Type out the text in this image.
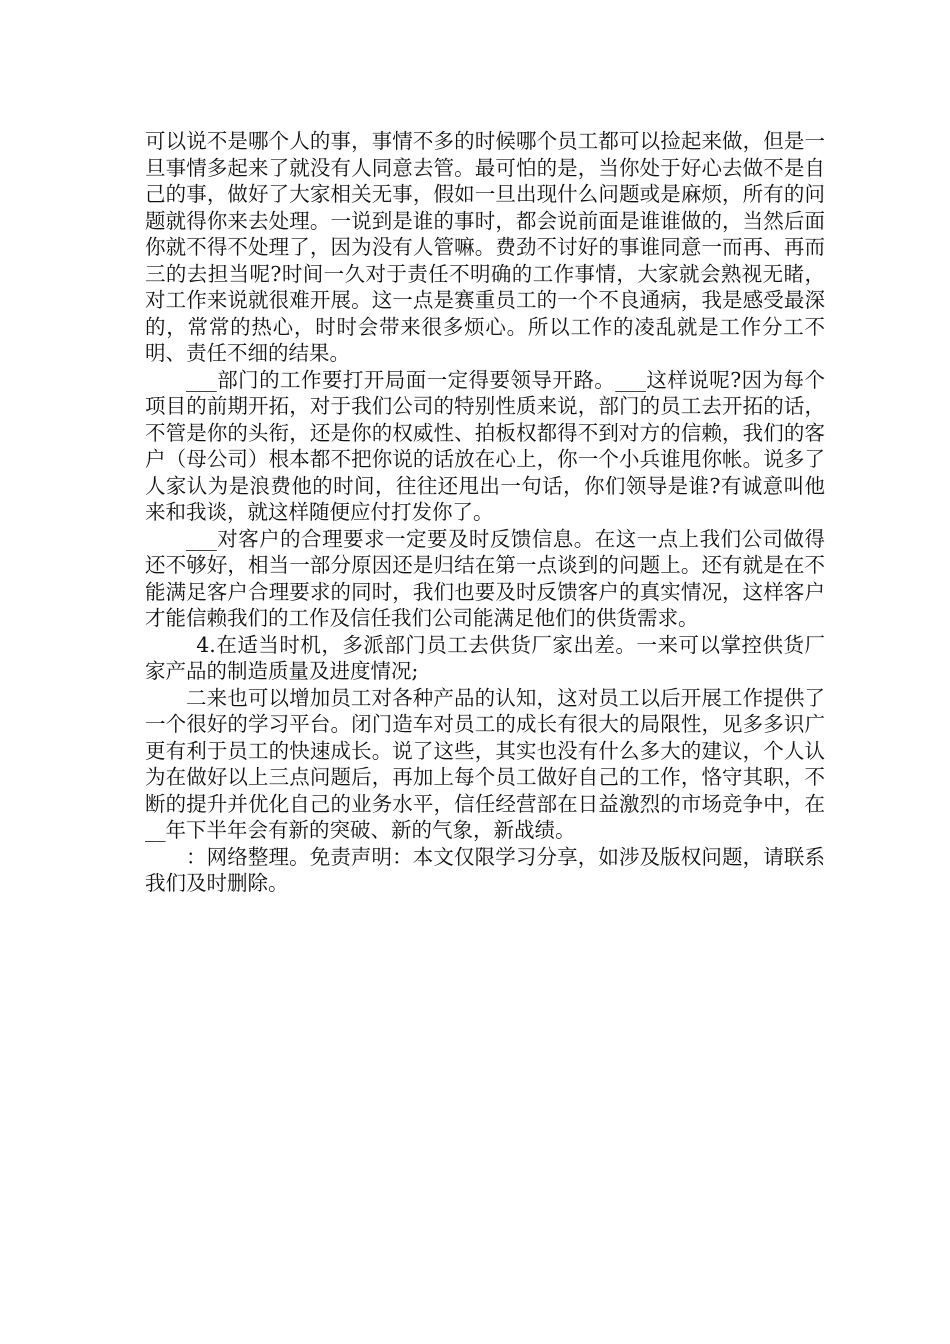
可以说不是哪个人的事，事情不多的时候哪个员工都可以捡起来做，但是一旦事情多起来了就没有人同意去管。最可怕的是，当你处于好心去做不是自己的事，做好了大家相关无事，假如一旦出现什么问题或是麻烦，所有的问题就得你来去处理。一说到是谁的事时，都会说前面是谁谁做的，当然后面你就不得不处理了，因为没有人管嘛。费劲不讨好的事谁同意一而再、再而三的去担当呢?时间一久对于责任不明确的工作事情，大家就会熟视无睹，对工作来说就很难开展。这一点是赛重员工的一个不良通病，我是感受最深的，常常的热心，时时会带来很多烦心。所以工作的凌乱就是工作分工不明、责任不细的结果。

___部门的工作要打开局面一定得要领导开路。___这样说呢?因为每个项目的前期开拓，对于我们公司的特别性质来说，部门的员工去开拓的话，不管是你的头衔，还是你的权威性、拍板权都得不到对方的信赖，我们的客户（母公司）根本都不把你说的话放在心上，你一个小兵谁甩你帐。说多了人家认为是浪费他的时间，往往还甩出一句话，你们领导是谁?有诚意叫他来和我谈，就这样随便应付打发你了。

___对客户的合理要求一定要及时反馈信息。在这一点上我们公司做得还不够好，相当一部分原因还是归结在第一点谈到的问题上。还有就是在不能满足客户合理要求的同时，我们也要及时反馈客户的真实情况，这样客户才能信赖我们的工作及信任我们公司能满足他们的供货需求。

4.在适当时机，多派部门员工去供货厂家出差。一来可以掌控供货厂家产品的制造质量及进度情况;

二来也可以增加员工对各种产品的认知，这对员工以后开展工作提供了一个很好的学习平台。闭门造车对员工的成长有很大的局限性，见多多识广更有利于员工的快速成长。说了这些，其实也没有什么多大的建议，个人认为在做好以上三点问题后，再加上每个员工做好自己的工作，恪守其职，不断的提升并优化自己的业务水平，信任经营部在日益激烈的市场竞争中，在__年下半年会有新的突破、新的气象，新战绩。

：网络整理。免责声明：本文仅限学习分享，如涉及版权问题，请联系我们及时删除。
